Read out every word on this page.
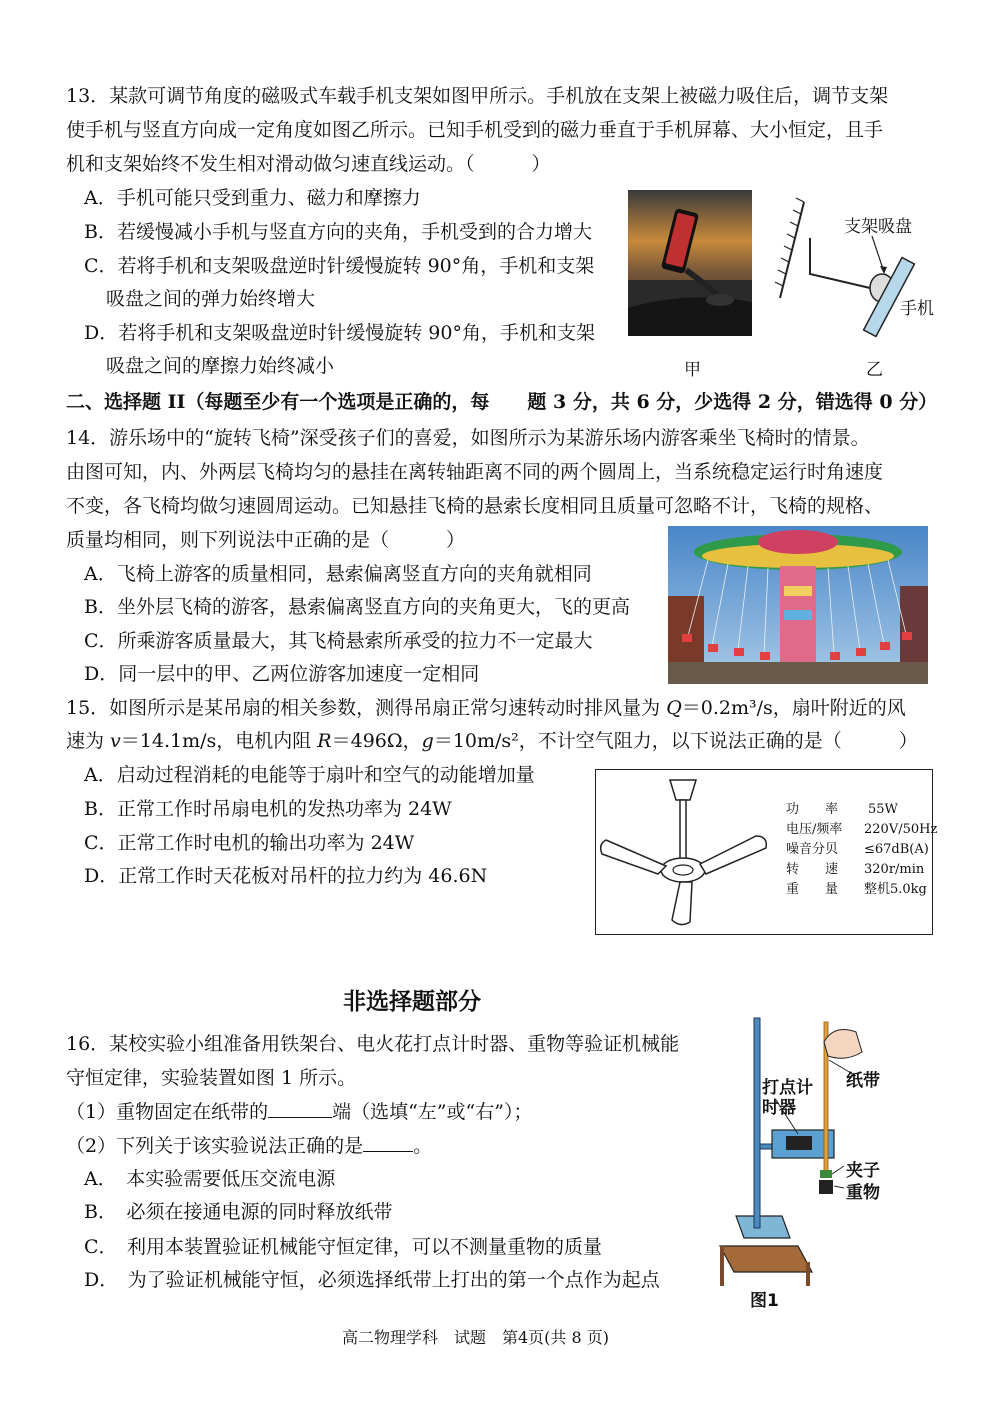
13．某款可调节角度的磁吸式车载手机支架如图甲所示。手机放在支架上被磁力吸住后，调节支架
使手机与竖直方向成一定角度如图乙所示。已知手机受到的磁力垂直于手机屏幕、大小恒定，且手
机和支架始终不发生相对滑动做匀速直线运动。（　　　）
A．手机可能只受到重力、磁力和摩擦力
B．若缓慢减小手机与竖直方向的夹角，手机受到的合力增大
C．若将手机和支架吸盘逆时针缓慢旋转 90°角，手机和支架
吸盘之间的弹力始终增大
D．若将手机和支架吸盘逆时针缓慢旋转 90°角，手机和支架
吸盘之间的摩擦力始终减小	甲
支架吸盘
手机
乙
二、选择题 II（每题至少有一个选项是正确的，每　　题 3 分，共 6 分，少选得 2 分，错选得 0 分）
14．游乐场中的“旋转飞椅”深受孩子们的喜爱，如图所示为某游乐场内游客乘坐飞椅时的情景。
由图可知，内、外两层飞椅均匀的悬挂在离转轴距离不同的两个圆周上，当系统稳定运行时角速度
不变，各飞椅均做匀速圆周运动。已知悬挂飞椅的悬索长度相同且质量可忽略不计，飞椅的规格、
质量均相同，则下列说法中正确的是（　　　）
A．飞椅上游客的质量相同，悬索偏离竖直方向的夹角就相同
B．坐外层飞椅的游客，悬索偏离竖直方向的夹角更大，飞的更高
C．所乘游客质量最大，其飞椅悬索所承受的拉力不一定最大
D．同一层中的甲、乙两位游客加速度一定相同
15．如图所示是某吊扇的相关参数，测得吊扇正常匀速转动时排风量为 Q＝0.2m³/s，扇叶附近的风
速为 v＝14.1m/s，电机内阻 R＝496Ω，g＝10m/s²，不计空气阻力，以下说法正确的是（　　　）
A．启动过程消耗的电能等于扇叶和空气的动能增加量
B．正常工作时吊扇电机的发热功率为 24W
C．正常工作时电机的输出功率为 24W
D．正常工作时天花板对吊杆的拉力约为 46.6N
功　　率 55W
电压/频率 220V/50Hz
噪音分贝 ≤67dB(A)
转　　速 320r/min
重　　量 整机5.0kg
非选择题部分
16．某校实验小组准备用铁架台、电火花打点计时器、重物等验证机械能
守恒定律，实验装置如图 1 所示。
（1）重物固定在纸带的	端（选填“左”或“右”）；
（2）下列关于该实验说法正确的是	。
A．　本实验需要低压交流电源
B．　必须在接通电源的同时释放纸带
C．　利用本装置验证机械能守恒定律，可以不测量重物的质量
D．　为了验证机械能守恒，必须选择纸带上打出的第一个点作为起点
打点计
时器
纸带
夹子
重物
图1
高二物理学科　试题　第4页(共 8 页)
